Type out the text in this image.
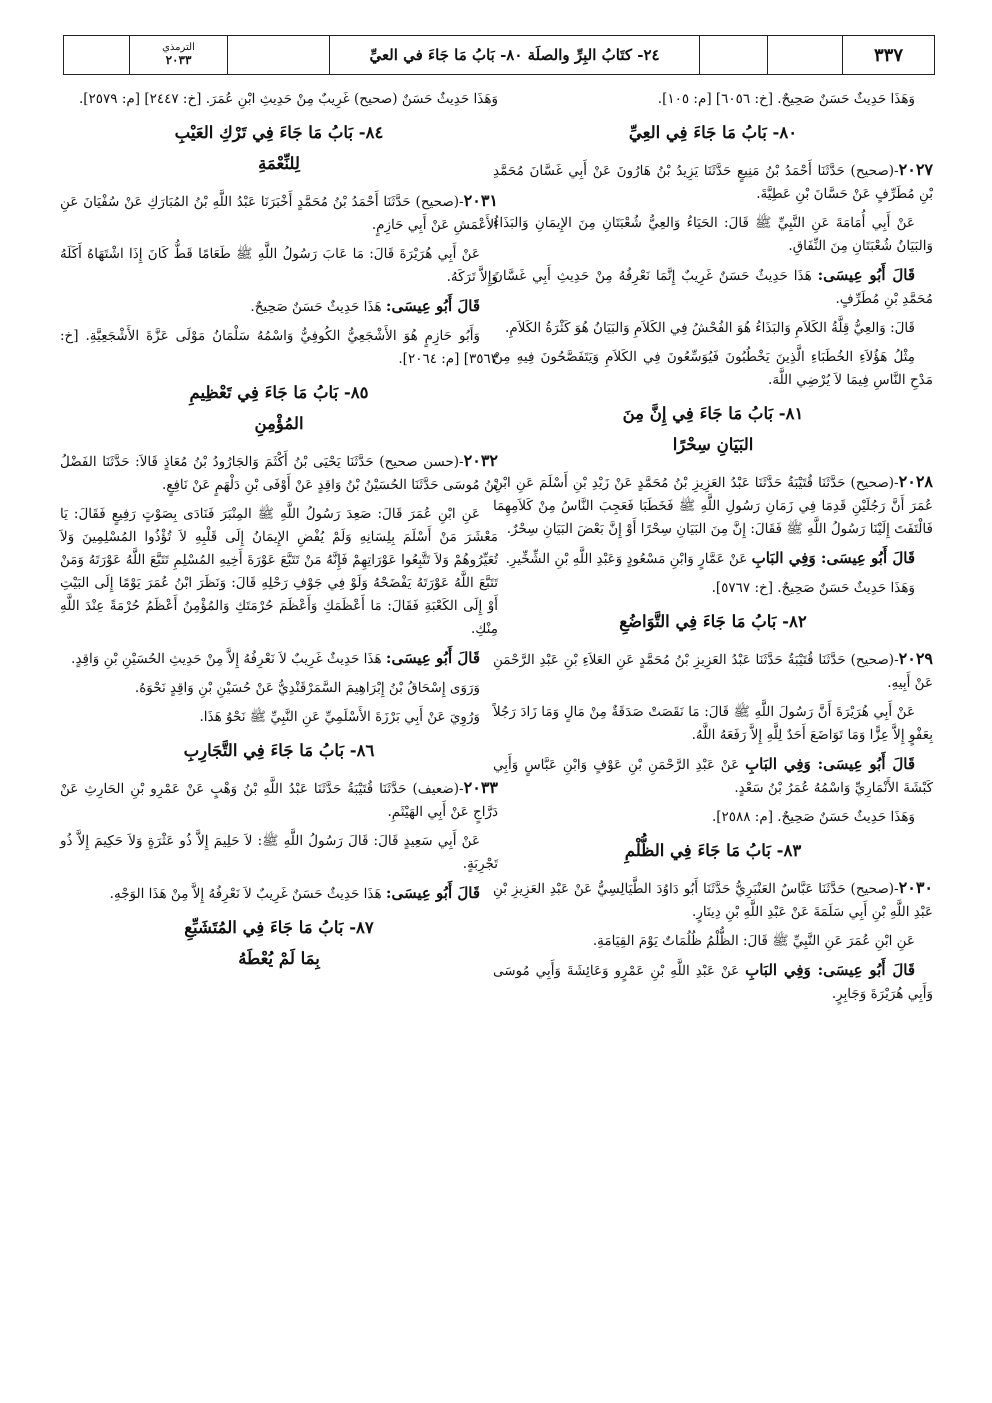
الترمذي
٢٠٣٣	٢٤- كتَابُ البِرِّ والصلَة ٨٠- بَابُ مَا جَاءَ في العيِّ	٣٣٧

وَهَذَا حَدِيثٌ حَسَنٌ صَحِيحٌ. [خ: ٦٠٥٦] [م: ١٠٥].

٨٠- بَابُ مَا جَاءَ فِي العِيِّ

٢٠٢٧-(صحيح) حَدَّثَنَا أَحْمَدُ بْنُ مَنِيعٍ حَدَّثَنَا يَزِيدُ بْنُ هَارُونَ عَنْ أَبِي غَسَّانَ مُحَمَّدِ بْنِ مُطَرِّفٍ عَنْ حَسَّانَ بْنِ عَطِيَّةَ.

عَنْ أَبِي أُمَامَةَ عَنِ النَّبِيِّ ﷺ قَالَ: الحَيَاءُ وَالعِيُّ شُعْبَتَانِ مِنَ الإِيمَانِ وَالبَذَاءُ وَالبَيَانُ شُعْبَتَانِ مِنَ النِّفَاقِ.

قَالَ أَبُو عِيسَى: هَذَا حَدِيثٌ حَسَنٌ غَرِيبٌ إِنَّمَا نَعْرِفُهُ مِنْ حَدِيثِ أَبِي غَسَّانَ مُحَمَّدِ بْنِ مُطَرِّفٍ.

قَالَ: وَالعِيُّ قِلَّةُ الكَلاَمِ وَالبَذَاءُ هُوَ الفُحْشُ فِي الكَلاَمِ وَالبَيَانُ هُوَ كَثْرَةُ الكَلاَمِ.

مِثْلُ هَؤُلاَءِ الخُطَبَاءِ الَّذِينَ يَخْطُبُونَ فَيُوَسِّعُونَ فِي الكَلاَمِ وَيَتَفَصَّحُونَ فِيهِ مِنْ مَدْحِ النَّاسِ فِيمَا لاَ يُرْضِي اللَّهَ.

٨١- بَابُ مَا جَاءَ فِي إِنَّ مِنَ
البَيَانِ سِحْرًا

٢٠٢٨-(صحيح) حَدَّثَنَا قُتَيْبَةُ حَدَّثَنَا عَبْدُ العَزِيزِ بْنُ مُحَمَّدٍ عَنْ زَيْدِ بْنِ أَسْلَمَ عَنِ ابْنِ عُمَرَ أَنَّ رَجُلَيْنِ قَدِمَا فِي زَمَانِ رَسُولِ اللَّهِ ﷺ فَخَطَبَا فَعَجِبَ النَّاسُ مِنْ كَلاَمِهِمَا فَالْتَفَتَ إِلَيْنَا رَسُولُ اللَّهِ ﷺ فَقَالَ: إِنَّ مِنَ البَيَانِ سِحْرًا أَوْ إِنَّ بَعْضَ البَيَانِ سِحْرٌ.

قَالَ أَبُو عِيسَى: وَفِي البَابِ عَنْ عَمَّارٍ وَابْنِ مَسْعُودٍ وَعَبْدِ اللَّهِ بْنِ الشِّخِّيرِ.

وَهَذَا حَدِيثٌ حَسَنٌ صَحِيحٌ. [خ: ٥٧٦٧].

٨٢- بَابُ مَا جَاءَ فِي التَّوَاضُعِ

٢٠٢٩-(صحيح) حَدَّثَنَا قُتَيْبَةُ حَدَّثَنَا عَبْدُ العَزِيزِ بْنُ مُحَمَّدٍ عَنِ العَلاَءِ بْنِ عَبْدِ الرَّحْمَنِ عَنْ أَبِيهِ.

عَنْ أَبِي هُرَيْرَةَ أَنَّ رَسُولَ اللَّهِ ﷺ قَالَ: مَا نَقَصَتْ صَدَقَةٌ مِنْ مَالٍ وَمَا زَادَ رَجُلاً بِعَفْوٍ إِلاَّ عِزًّا وَمَا تَوَاضَعَ أَحَدٌ لِلَّهِ إِلاَّ رَفَعَهُ اللَّهُ.

قَالَ أَبُو عِيسَى: وَفِي البَابِ عَنْ عَبْدِ الرَّحْمَنِ بْنِ عَوْفٍ وَابْنِ عَبَّاسٍ وَأَبِي كَبْشَةَ الأَنْمَارِيِّ وَاسْمُهُ عُمَرُ بْنُ سَعْدٍ.

وَهَذَا حَدِيثٌ حَسَنٌ صَحِيحٌ. [م: ٢٥٨٨].

٨٣- بَابُ مَا جَاءَ فِي الظُّلْمِ

٢٠٣٠-(صحيح) حَدَّثَنَا عَبَّاسٌ العَنْبَرِيُّ حَدَّثَنَا أَبُو دَاوُدَ الطَّيَالِسِيُّ عَنْ عَبْدِ العَزِيزِ بْنِ عَبْدِ اللَّهِ بْنِ أَبِي سَلَمَةَ عَنْ عَبْدِ اللَّهِ بْنِ دِينَارٍ.

عَنِ ابْنِ عُمَرَ عَنِ النَّبِيِّ ﷺ قَالَ: الظُّلْمُ ظُلُمَاتٌ يَوْمَ القِيَامَةِ.

قَالَ أَبُو عِيسَى: وَفِي البَابِ عَنْ عَبْدِ اللَّهِ بْنِ عَمْرٍو وَعَائِشَةَ وَأَبِي مُوسَى وَأَبِي هُرَيْرَةَ وَجَابِرٍ.

وَهَذَا حَدِيثٌ حَسَنٌ (صحيح) غَرِيبٌ مِنْ حَدِيثِ ابْنِ عُمَرَ. [خ: ٢٤٤٧] [م: ٢٥٧٩].

٨٤- بَابُ مَا جَاءَ فِي تَرْكِ العَيْبِ
لِلنِّعْمَةِ

٢٠٣١-(صحيح) حَدَّثَنَا أَحْمَدُ بْنُ مُحَمَّدٍ أَخْبَرَنَا عَبْدُ اللَّهِ بْنُ المُبَارَكِ عَنْ سُفْيَانَ عَنِ الأَعْمَشِ عَنْ أَبِي حَازِمٍ.

عَنْ أَبِي هُرَيْرَةَ قَالَ: مَا عَابَ رَسُولُ اللَّهِ ﷺ طَعَامًا قَطُّ كَانَ إِذَا اشْتَهَاهُ أَكَلَهُ وَإِلاَّ تَرَكَهُ.

قَالَ أَبُو عِيسَى: هَذَا حَدِيثٌ حَسَنٌ صَحِيحٌ.

وَأَبُو حَازِمٍ هُوَ الأَشْجَعِيُّ الكُوفِيُّ وَاسْمُهُ سَلْمَانُ مَوْلَى عَزَّةَ الأَشْجَعِيَّةِ. [خ: ٣٥٦٣] [م: ٢٠٦٤].

٨٥- بَابُ مَا جَاءَ فِي تَعْظِيمِ
المُؤْمِنِ

٢٠٣٢-(حسن صحيح) حَدَّثَنَا يَحْيَى بْنُ أَكْثَمَ وَالجَارُودُ بْنُ مُعَاذٍ قَالاَ: حَدَّثَنَا الفَضْلُ بْنُ مُوسَى حَدَّثَنَا الحُسَيْنُ بْنُ وَاقِدٍ عَنْ أَوْفَى بْنِ دَلْهَمٍ عَنْ نَافِعٍ.

عَنِ ابْنِ عُمَرَ قَالَ: صَعِدَ رَسُولُ اللَّهِ ﷺ المِنْبَرَ فَنَادَى بِصَوْتٍ رَفِيعٍ فَقَالَ: يَا مَعْشَرَ مَنْ أَسْلَمَ بِلِسَانِهِ وَلَمْ يُفْضِ الإِيمَانُ إِلَى قَلْبِهِ لاَ تُؤْذُوا المُسْلِمِينَ وَلاَ تُعَيِّرُوهُمْ وَلاَ تَتَّبِعُوا عَوْرَاتِهِمْ فَإِنَّهُ مَنْ تَتَبَّعَ عَوْرَةَ أَخِيهِ المُسْلِمِ تَتَبَّعَ اللَّهُ عَوْرَتَهُ وَمَنْ تَتَبَّعَ اللَّهُ عَوْرَتَهُ يَفْضَحْهُ وَلَوْ فِي جَوْفِ رَحْلِهِ قَالَ: وَنَظَرَ ابْنُ عُمَرَ يَوْمًا إِلَى البَيْتِ أَوْ إِلَى الكَعْبَةِ فَقَالَ: مَا أَعْظَمَكِ وَأَعْظَمَ حُرْمَتَكِ وَالمُؤْمِنُ أَعْظَمُ حُرْمَةً عِنْدَ اللَّهِ مِنْكِ.

قَالَ أَبُو عِيسَى: هَذَا حَدِيثٌ غَرِيبٌ لاَ نَعْرِفُهُ إِلاَّ مِنْ حَدِيثِ الحُسَيْنِ بْنِ وَاقِدٍ.

وَرَوَى إِسْحَاقُ بْنُ إِبْرَاهِيمَ السَّمَرْقَنْدِيُّ عَنْ حُسَيْنِ بْنِ وَاقِدٍ نَحْوَهُ.

وَرُوِيَ عَنْ أَبِي بَرْزَةَ الأَسْلَمِيِّ عَنِ النَّبِيِّ ﷺ نَحْوُ هَذَا.

٨٦- بَابُ مَا جَاءَ فِي التَّجَارِبِ

٢٠٣٣-(ضعيف) حَدَّثَنَا قُتَيْبَةُ حَدَّثَنَا عَبْدُ اللَّهِ بْنُ وَهْبٍ عَنْ عَمْرِو بْنِ الحَارِثِ عَنْ دَرَّاجٍ عَنْ أَبِي الهَيْثَمِ.

عَنْ أَبِي سَعِيدٍ قَالَ: قَالَ رَسُولُ اللَّهِ ﷺ: لاَ حَلِيمَ إِلاَّ ذُو عَثْرَةٍ وَلاَ حَكِيمَ إِلاَّ ذُو تَجْرِبَةٍ.

قَالَ أَبُو عِيسَى: هَذَا حَدِيثٌ حَسَنٌ غَرِيبٌ لاَ نَعْرِفُهُ إِلاَّ مِنْ هَذَا الوَجْهِ.

٨٧- بَابُ مَا جَاءَ فِي المُتَشَبِّعِ
بِمَا لَمْ يُعْطَهُ
